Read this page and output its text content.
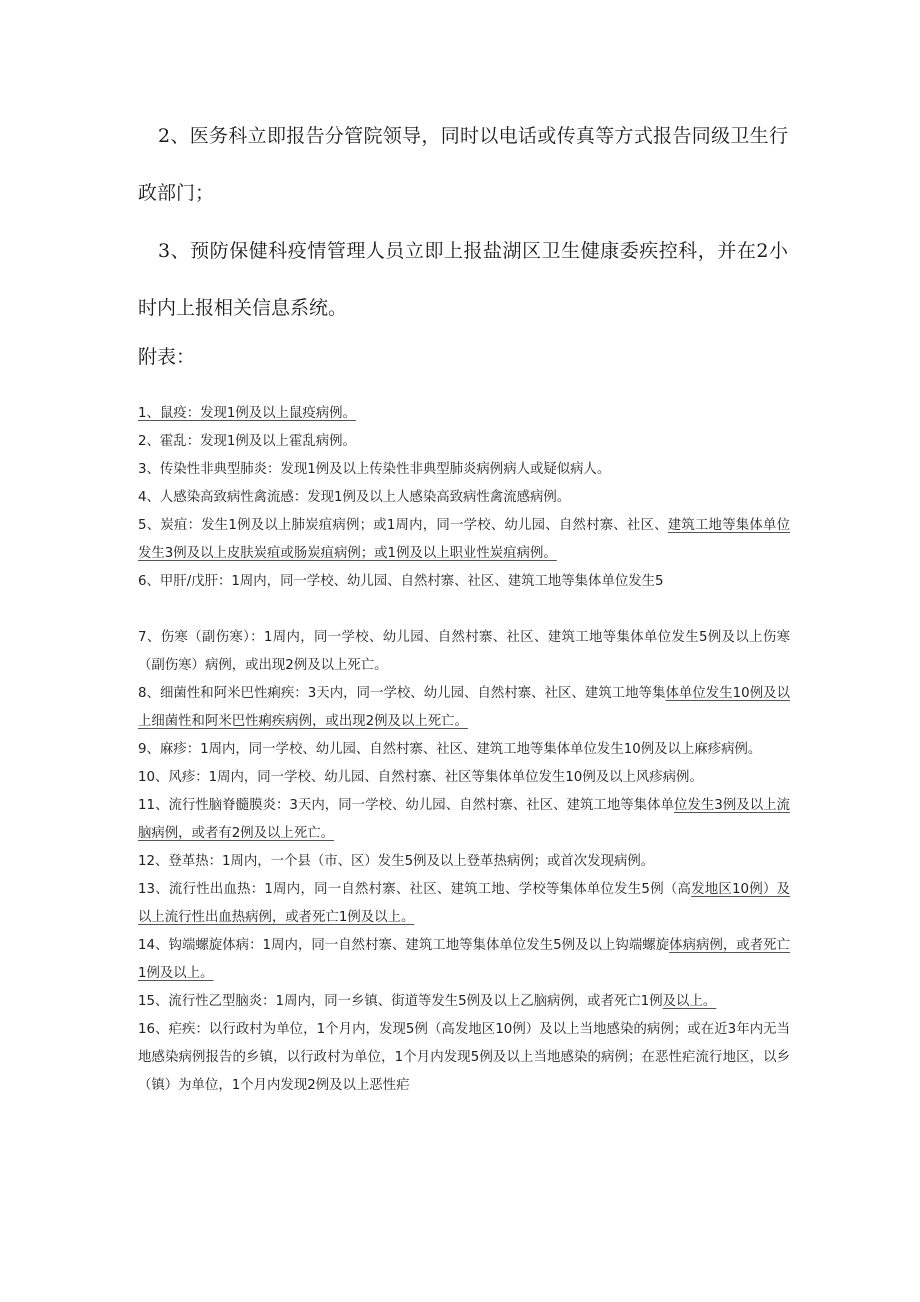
2、医务科立即报告分管院领导，同时以电话或传真等方式报告同级卫生行政部门；

3、预防保健科疫情管理人员立即上报盐湖区卫生健康委疾控科，并在2小时内上报相关信息系统。

附表：

1、鼠疫：发现1例及以上鼠疫病例。
2、霍乱：发现1例及以上霍乱病例。
3、传染性非典型肺炎：发现1例及以上传染性非典型肺炎病例病人或疑似病人。
4、人感染高致病性禽流感：发现1例及以上人感染高致病性禽流感病例。
5、炭疽：发生1例及以上肺炭疽病例；或1周内，同一学校、幼儿园、自然村寨、社区、建筑工地等集体单位发生3例及以上皮肤炭疽或肠炭疽病例；或1例及以上职业性炭疽病例。
6、甲肝/戊肝：1周内，同一学校、幼儿园、自然村寨、社区、建筑工地等集体单位发生5
7、伤寒（副伤寒）：1周内，同一学校、幼儿园、自然村寨、社区、建筑工地等集体单位发生5例及以上伤寒（副伤寒）病例，或出现2例及以上死亡。
8、细菌性和阿米巴性痢疾：3天内，同一学校、幼儿园、自然村寨、社区、建筑工地等集体单位发生10例及以上细菌性和阿米巴性痢疾病例，或出现2例及以上死亡。
9、麻疹：1周内，同一学校、幼儿园、自然村寨、社区、建筑工地等集体单位发生10例及以上麻疹病例。
10、风疹：1周内，同一学校、幼儿园、自然村寨、社区等集体单位发生10例及以上风疹病例。
11、流行性脑脊髓膜炎：3天内，同一学校、幼儿园、自然村寨、社区、建筑工地等集体单位发生3例及以上流脑病例，或者有2例及以上死亡。
12、登革热：1周内，一个县（市、区）发生5例及以上登革热病例；或首次发现病例。
13、流行性出血热：1周内，同一自然村寨、社区、建筑工地、学校等集体单位发生5例（高发地区10例）及以上流行性出血热病例，或者死亡1例及以上。
14、钩端螺旋体病：1周内，同一自然村寨、建筑工地等集体单位发生5例及以上钩端螺旋体病病例，或者死亡1例及以上。
15、流行性乙型脑炎：1周内，同一乡镇、街道等发生5例及以上乙脑病例，或者死亡1例及以上。
16、疟疾：以行政村为单位，1个月内，发现5例（高发地区10例）及以上当地感染的病例；或在近3年内无当地感染病例报告的乡镇，以行政村为单位，1个月内发现5例及以上当地感染的病例；在恶性疟流行地区，以乡（镇）为单位，1个月内发现2例及以上恶性疟
